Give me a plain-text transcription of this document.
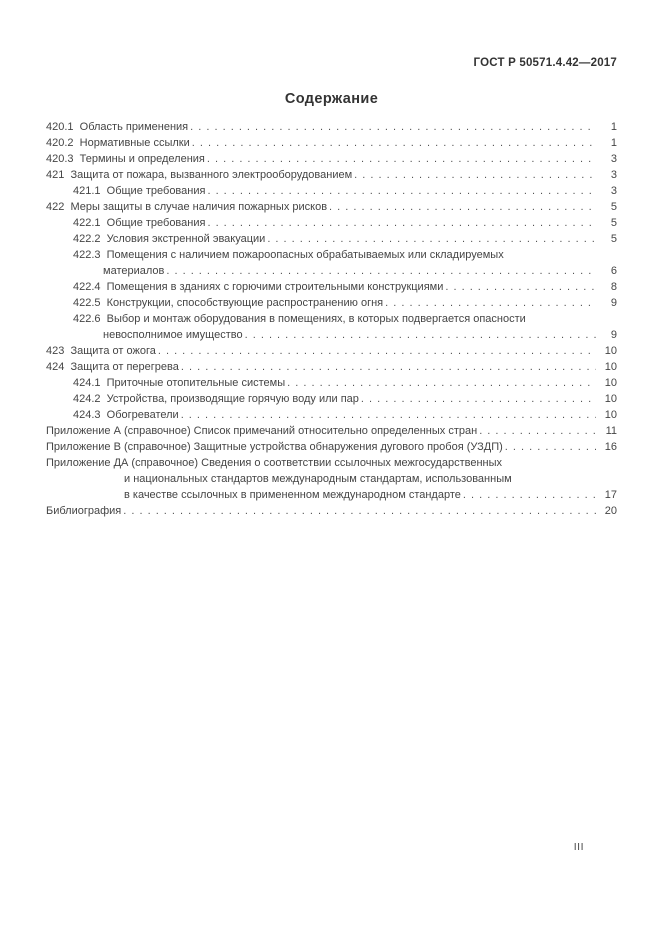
ГОСТ Р 50571.4.42—2017
Содержание
420.1  Область применения . . .	1
420.2  Нормативные ссылки . . .	1
420.3  Термины и определения . . .	3
421  Защита от пожара, вызванного электрооборудованием . . .	3
421.1  Общие требования . . .	3
422  Меры защиты в случае наличия пожарных рисков . . .	5
422.1  Общие требования . . .	5
422.2  Условия экстренной эвакуации . . .	5
422.3  Помещения с наличием пожароопасных обрабатываемых или складируемых
материалов . . .	6
422.4  Помещения в зданиях с горючими строительными конструкциями . . .	8
422.5  Конструкции, способствующие распространению огня . . .	9
422.6  Выбор и монтаж оборудования в помещениях, в которых подвергается опасности
невосполнимое имущество . . .	9
423  Защита от ожога . . .	10
424  Защита от перегрева . . .	10
424.1  Приточные отопительные системы . . .	10
424.2  Устройства, производящие горячую воду или пар . . .	10
424.3  Обогреватели . . .	10
Приложение А (справочное) Список примечаний относительно определенных стран . . .	11
Приложение В (справочное) Защитные устройства обнаружения дугового пробоя (УЗДП) . . .	16
Приложение ДА (справочное) Сведения о соответствии ссылочных межгосударственных
и национальных стандартов международным стандартам, использованным
в качестве ссылочных в примененном международном стандарте . . .	17
Библиография . . .	20
III
